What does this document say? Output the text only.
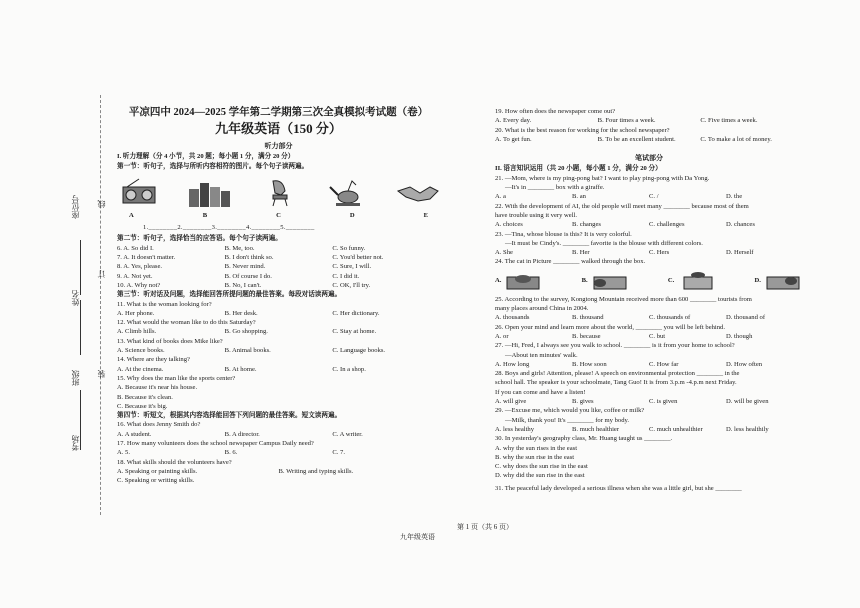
座位号
班级
姓名
考场
装
订
线
平凉四中 2024—2025 学年第二学期第三次全真模拟考试题（卷）
九年级英语（150 分）
听力部分
I. 听力理解（分 4 小节，共 20 题；每小题 1 分，满分 20 分）
第一节：听句子，选择与所听内容相符的图片。每个句子读两遍。
A	B	C	D	E
1.________2.________3.________4.________5.________
第二节：听句子，选择恰当的应答语。每个句子读两遍。
6. A. So did I.	B. Me, too.	C. So funny.
7. A. It doesn't matter.	B. I don't think so.	C. You'd better not.
8. A. Yes, please.	B. Never mind.	C. Sure, I will.
9. A. Not yet.	B. Of course I do.	C. I did it.
10. A. Why not?	B. No, I can't.	C. OK, I'll try.
第三节：听对话及问题，选择能回答所提问题的最佳答案。每段对话读两遍。
11. What is the woman looking for?
A. Her phone.	B. Her desk.	C. Her dictionary.
12. What would the woman like to do this Saturday?
A. Climb hills.	B. Go shopping.	C. Stay at home.
13. What kind of books does Mike like?
A. Science books.	B. Animal books.	C. Language books.
14. Where are they talking?
A. At the cinema.	B. At home.	C. In a shop.
15. Why does the man like the sports center?
A. Because it's near his house.
B. Because it's clean.
C. Because it's big.
第四节：听短文，根据其内容选择能回答下列问题的最佳答案。短文读两遍。
16. What does Jenny Smith do?
A. A student.	B. A director.	C. A writer.
17. How many volunteers does the school newspaper Campus Daily need?
A. 5.	B. 6.	C. 7.
18. What skills should the volunteers have?
A. Speaking or painting skills.	B. Writing and typing skills.
C. Speaking or writing skills.
19. How often does the newspaper come out?
A. Every day.	B. Four times a week.	C. Five times a week.
20. What is the best reason for working for the school newspaper?
A. To get fun.	B. To be an excellent student.	C. To make a lot of money.
笔试部分
II. 语言知识运用（共 20 小题，每小题 1 分，满分 20 分）
21. —Mom, where is my ping-pong bat? I want to play ping-pong with Da Yong.
—It's in ________ box with a giraffe.
A. a	B. an	C. /	D. the
22. With the development of AI, the old people will meet many ________ because most of them
have trouble using it very well.
A. choices	B. changes	C. challenges	D. chances
23. —Tina, whose blouse is this? It is very colorful.
—It must be Cindy's. ________ favorite is the blouse with different colors.
A. She	B. Her	C. Hers	D. Herself
24. The cat in Picture ________ walked through the box.
A.	B.	C.	D.
25. According to the survey, Kongtong Mountain received more than 600 ________ tourists from
many places around China in 2004.
A. thousands	B. thousand	C. thousands of	D. thousand of
26. Open your mind and learn more about the world, ________ you will be left behind.
A. or	B. because	C. but	D. though
27. —Hi, Fred, I always see you walk to school. ________ is it from your home to school?
—About ten minutes' walk.
A. How long	B. How soon	C. How far	D. How often
28. Boys and girls! Attention, please! A speech on environmental protection ________ in the
school hall. The speaker is your schoolmate, Tang Guo! It is from 3.p.m -4.p.m next Friday.
If you can come and have a listen!
A. will give	B. gives	C. is given	D. will be given
29. —Excuse me, which would you like, coffee or milk?
—Milk, thank you! It's ________ for my body.
A. less healthy	B. much healthier	C. much unhealthier	D. less healthily
30. In yesterday's geography class, Mr. Huang taught us ________.
A. why the sun rises in the east
B. why the sun rise in the east
C. why does the sun rise in the east
D. why did the sun rise in the east
31. The peaceful lady developed a serious illness when she was a little girl, but she ________
九年级英语
第 1 页（共 6 页）
